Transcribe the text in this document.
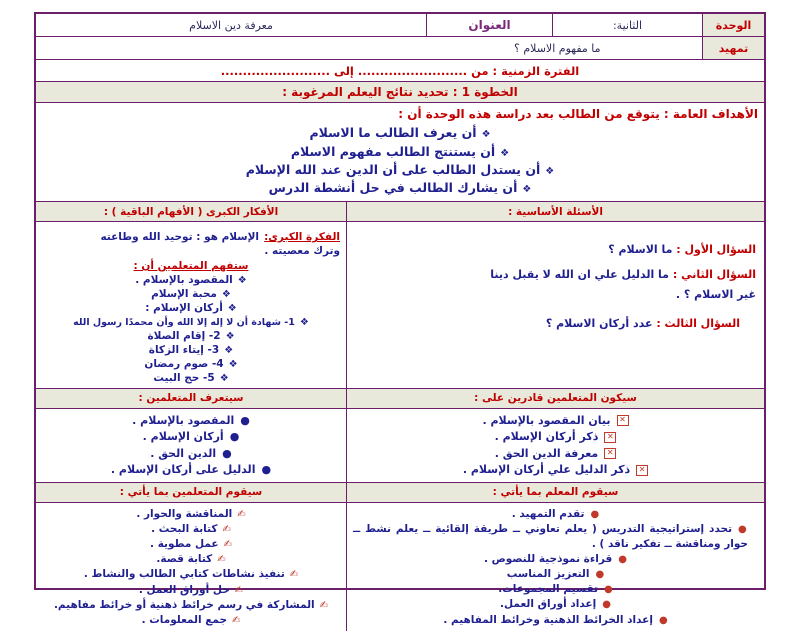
الوحدة
الثانية:
العنوان
معرفة دين الاسلام
تمهيد
ما مفهوم الاسلام ؟
الفترة الزمنية : من ......................... إلى .........................
الخطوة 1 : تحديد نتائج اليعلم المرغوبة :
الأهداف العامة : يتوقع من الطالب بعد دراسة هذه الوحدة أن :
❖أن يعرف الطالب ما الاسلام
❖أن يستنتج الطالب مفهوم الاسلام
❖أن يستدل الطالب على أن الدين عند الله الإسلام
❖أن يشارك الطالب في حل أنشطة الدرس
الأسئلة الأساسية :
الأفكار الكبرى ( الأفهام الباقية ) :
السؤال الأول : ما الاسلام ؟
السؤال الثاني : ما الدليل علي ان الله لا يقبل دينا
غير الاسلام ؟ .
السؤال الثالث : عدد أركان الاسلام ؟
الفكرة الكبرى: الإسلام هو : توحيد الله وطاعته
وترك معصيته .
ستفهم المتعلمين أن :
❖المقصود بالإسلام .
❖محبة الإسلام
❖أركان الإسلام :
❖1- شهادة أن لا إله إلا الله وأن محمدًا رسول الله
❖2- إقام الصلاة
❖3- إيتاء الزكاة
❖4- صوم رمضان
❖5- حج البيت
سيكون المتعلمين قادرين على :
سيتعرف المتعلمين :
✕بيان المقصود بالإسلام .
✕ذكر أركان الإسلام .
✕معرفة الدين الحق .
✕ذكر الدليل علي أركان الإسلام .
●المقصود بالإسلام .
●أركان الإسلام .
●الدين الحق .
●الدليل على أركان الإسلام .
سيقوم المعلم بما يأتي :
سيقوم المتعلمين بما يأتي :
●تقدم التمهيد .
●تحدد إستراتيجية التدريس ( يعلم تعاوني ــ طريقة إلقائية ــ يعلم نشط ــ حوار ومناقشة ــ تفكير ناقد ) .
●قراءة نموذجية للنصوص .
●التعزيز المناسب
●تقسيم المجموعات.
●إعداد أوراق العمل.
●إعداد الخرائط الذهنية وخرائط المفاهيم .
✍المناقشة والحوار .
✍كتابة البحث .
✍عمل مطوية .
✍كتابة قصة.
✍تنفيذ نشاطات كتابي الطالب والنشاط .
✍حل أوراق العمل .
✍المشاركة في رسم خرائط ذهنية أو خرائط مفاهيم.
✍جمع المعلومات .
